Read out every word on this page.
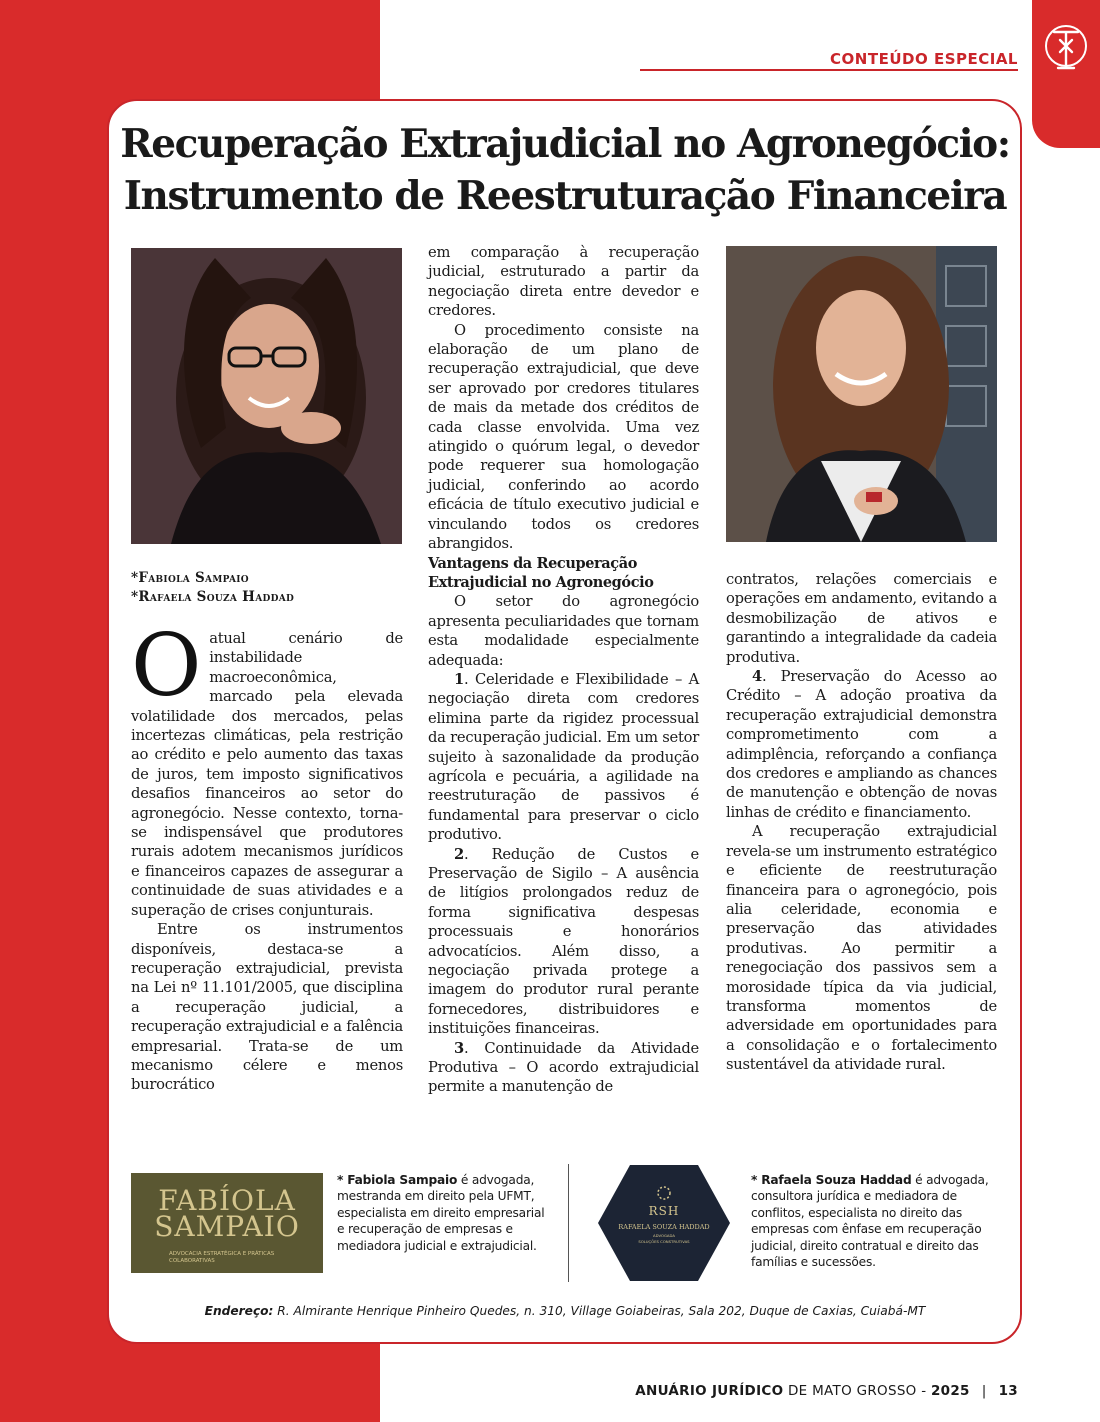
CONTEÚDO ESPECIAL
Recuperação Extrajudicial no Agronegócio:
Instrumento de Reestruturação Financeira
*Fabiola Sampaio
*Rafaela Souza Haddad

Oatual cenário de instabilidade macroeconômica, marcado pela elevada volatilidade dos mercados, pelas incertezas climáticas, pela restrição ao crédito e pelo aumento das taxas de juros, tem imposto significativos desafios financeiros ao setor do agronegócio. Nesse contexto, torna-se indispensável que produtores rurais adotem mecanismos jurídicos e financeiros capazes de assegurar a continuidade de suas atividades e a superação de crises conjunturais.

Entre os instrumentos disponíveis, destaca-se a recuperação extrajudicial, prevista na Lei nº 11.101/2005, que disciplina a recuperação judicial, a recuperação extrajudicial e a falência empresarial. Trata-se de um mecanismo célere e menos burocrático

em comparação à recuperação judicial, estruturado a partir da negociação direta entre devedor e credores.

O procedimento consiste na elaboração de um plano de recuperação extrajudicial, que deve ser aprovado por credores titulares de mais da metade dos créditos de cada classe envolvida. Uma vez atingido o quórum legal, o devedor pode requerer sua homologação judicial, conferindo ao acordo eficácia de título executivo judicial e vinculando todos os credores abrangidos.

Vantagens da Recuperação Extrajudicial no Agronegócio

O setor do agronegócio apresenta peculiaridades que tornam esta modalidade especialmente adequada:

1. Celeridade e Flexibilidade – A negociação direta com credores elimina parte da rigidez processual da recuperação judicial. Em um setor sujeito à sazonalidade da produção agrícola e pecuária, a agilidade na reestruturação de passivos é fundamental para preservar o ciclo produtivo.

2. Redução de Custos e Preservação de Sigilo – A ausência de litígios prolongados reduz de forma significativa despesas processuais e honorários advocatícios. Além disso, a negociação privada protege a imagem do produtor rural perante fornecedores, distribuidores e instituições financeiras.

3. Continuidade da Atividade Produtiva – O acordo extrajudicial permite a manutenção de

contratos, relações comerciais e operações em andamento, evitando a desmobilização de ativos e garantindo a integralidade da cadeia produtiva.

4. Preservação do Acesso ao Crédito – A adoção proativa da recuperação extrajudicial demonstra comprometimento com a adimplência, reforçando a confiança dos credores e ampliando as chances de manutenção e obtenção de novas linhas de crédito e financiamento.

A recuperação extrajudicial revela-se um instrumento estratégico e eficiente de reestruturação financeira para o agronegócio, pois alia celeridade, economia e preservação das atividades produtivas. Ao permitir a renegociação dos passivos sem a morosidade típica da via judicial, transforma momentos de adversidade em oportunidades para a consolidação e o fortalecimento sustentável da atividade rural.

FABÍOLA
SAMPAIO
ADVOCACIA ESTRATÉGICA E PRÁTICAS COLABORATIVAS
* Fabiola Sampaio é advogada, mestranda em direito pela UFMT, especialista em direito empresarial e recuperação de empresas e mediadora judicial e extrajudicial.
RSH
RAFAELA SOUZA HADDAD
ADVOGADA
SOLUÇÕES CONSTRUTIVAS
* Rafaela Souza Haddad é advogada, consultora jurídica e mediadora de conflitos, especialista no direito das empresas com ênfase em recuperação judicial, direito contratual e direito das famílias e sucessões.
Endereço: R. Almirante Henrique Pinheiro Quedes, n. 310, Village Goiabeiras, Sala 202, Duque de Caxias, Cuiabá-MT
ANUÁRIO JURÍDICO DE MATO GROSSO - 2025 | 13
